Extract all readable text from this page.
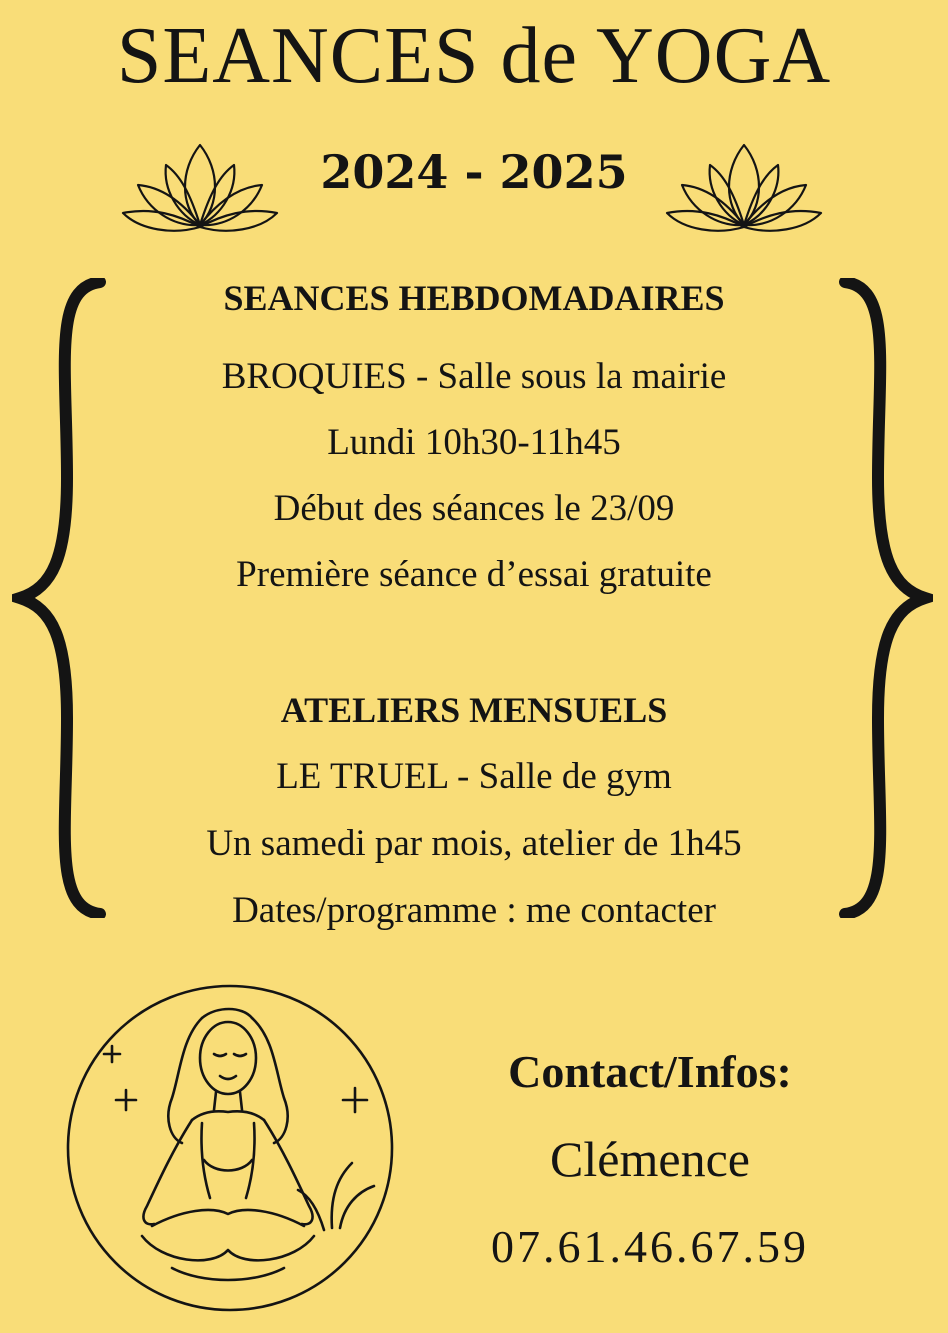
SEANCES de YOGA
2024 - 2025
SEANCES HEBDOMADAIRES
BROQUIES - Salle sous la mairie
Lundi 10h30-11h45
Début des séances le 23/09
Première séance d’essai gratuite
ATELIERS MENSUELS
LE TRUEL - Salle de gym
Un samedi par mois, atelier de 1h45
Dates/programme : me contacter
Contact/Infos:
Clémence
07.61.46.67.59
